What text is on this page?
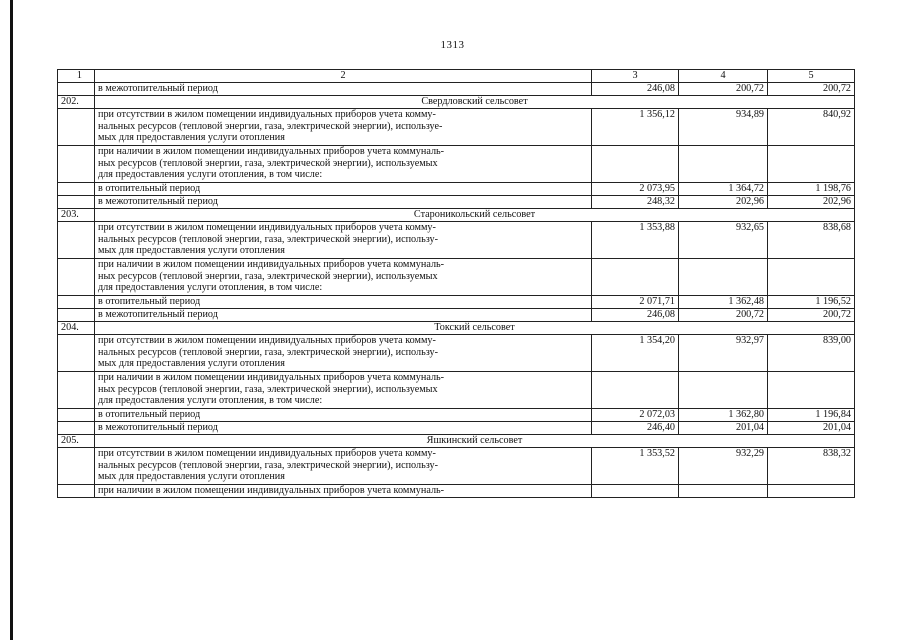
1313
1	2	3	4	5

	в межотопительный период	246,08	200,72	200,72
202.	Свердловский сельсовет			

	при отсутствии в жилом помещении индивидуальных приборов учета комму-
нальных ресурсов (тепловой энергии, газа, электрической энергии), используе-
мых для предоставления услуги отопления	1 356,12	934,89	840,92

	при наличии в жилом помещении индивидуальных приборов учета коммуналь-
ных ресурсов (тепловой энергии, газа, электрической энергии), используемых
для предоставления услуги отопления, в том числе:			

	в отопительный период	2 073,95	1 364,72	1 198,76

	в межотопительный период	248,32	202,96	202,96
203.	Староникольский сельсовет			

	при отсутствии в жилом помещении индивидуальных приборов учета комму-
нальных ресурсов (тепловой энергии, газа, электрической энергии), использу-
мых для предоставления услуги отопления	1 353,88	932,65	838,68

	при наличии в жилом помещении индивидуальных приборов учета коммуналь-
ных ресурсов (тепловой энергии, газа, электрической энергии), используемых
для предоставления услуги отопления, в том числе:			

	в отопительный период	2 071,71	1 362,48	1 196,52

	в межотопительный период	246,08	200,72	200,72
204.	Токский сельсовет			

	при отсутствии в жилом помещении индивидуальных приборов учета комму-
нальных ресурсов (тепловой энергии, газа, электрической энергии), использу-
мых для предоставления услуги отопления	1 354,20	932,97	839,00

	при наличии в жилом помещении индивидуальных приборов учета коммуналь-
ных ресурсов (тепловой энергии, газа, электрической энергии), используемых
для предоставления услуги отопления, в том числе:			

	в отопительный период	2 072,03	1 362,80	1 196,84

	в межотопительный период	246,40	201,04	201,04
205.	Яшкинский сельсовет			

	при отсутствии в жилом помещении индивидуальных приборов учета комму-
нальных ресурсов (тепловой энергии, газа, электрической энергии), использу-
мых для предоставления услуги отопления	1 353,52	932,29	838,32

	при наличии в жилом помещении индивидуальных приборов учета коммуналь-			
